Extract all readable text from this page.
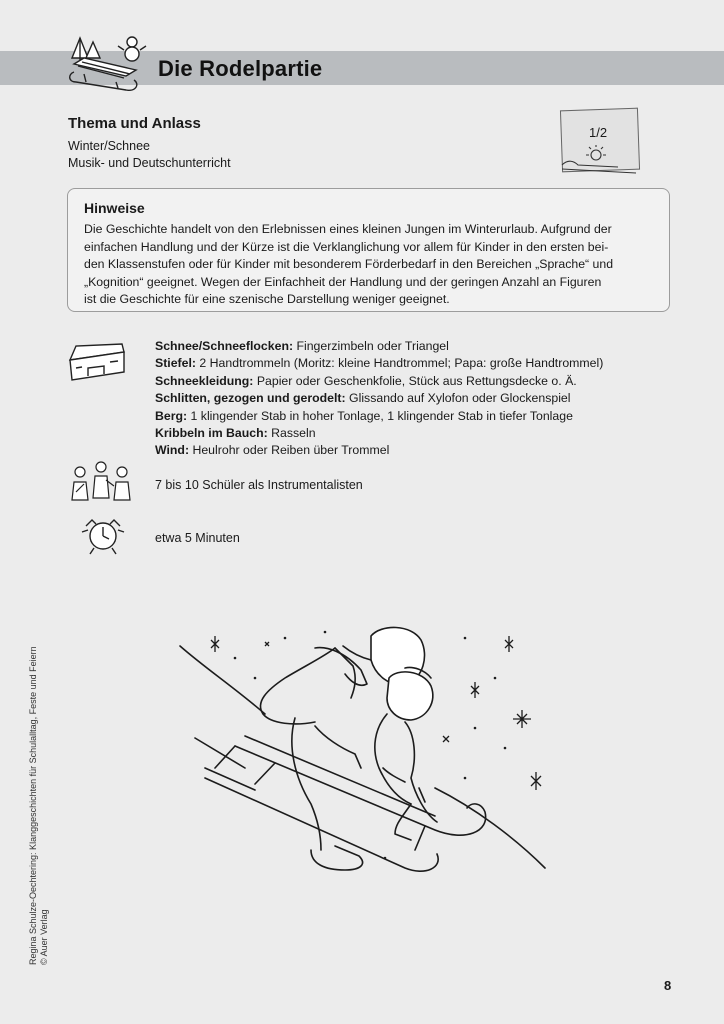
Die Rodelpartie
1/2
Thema und Anlass
Winter/Schnee
Musik- und Deutschunterricht
Hinweise
Die Geschichte handelt von den Erlebnissen eines kleinen Jungen im Winterurlaub. Aufgrund der
einfachen Handlung und der Kürze ist die Verklanglichung vor allem für Kinder in den ersten bei-
den Klassenstufen oder für Kinder mit besonderem Förderbedarf in den Bereichen „Sprache“ und
„Kognition“ geeignet. Wegen der Einfachheit der Handlung und der geringen Anzahl an Figuren
ist die Geschichte für eine szenische Darstellung weniger geeignet.
Schnee/Schneeflocken: Fingerzimbeln oder Triangel
Stiefel: 2 Handtrommeln (Moritz: kleine Handtrommel; Papa: große Handtrommel)
Schneekleidung: Papier oder Geschenkfolie, Stück aus Rettungsdecke o. Ä.
Schlitten, gezogen und gerodelt: Glissando auf Xylofon oder Glockenspiel
Berg: 1 klingender Stab in hoher Tonlage, 1 klingender Stab in tiefer Tonlage
Kribbeln im Bauch: Rasseln
Wind: Heulrohr oder Reiben über Trommel
7 bis 10 Schüler als Instrumentalisten
etwa 5 Minuten
Regina Schulze-Oechtering: Klanggeschichten für Schulalltag, Feste und Feiern © Auer Verlag
8
